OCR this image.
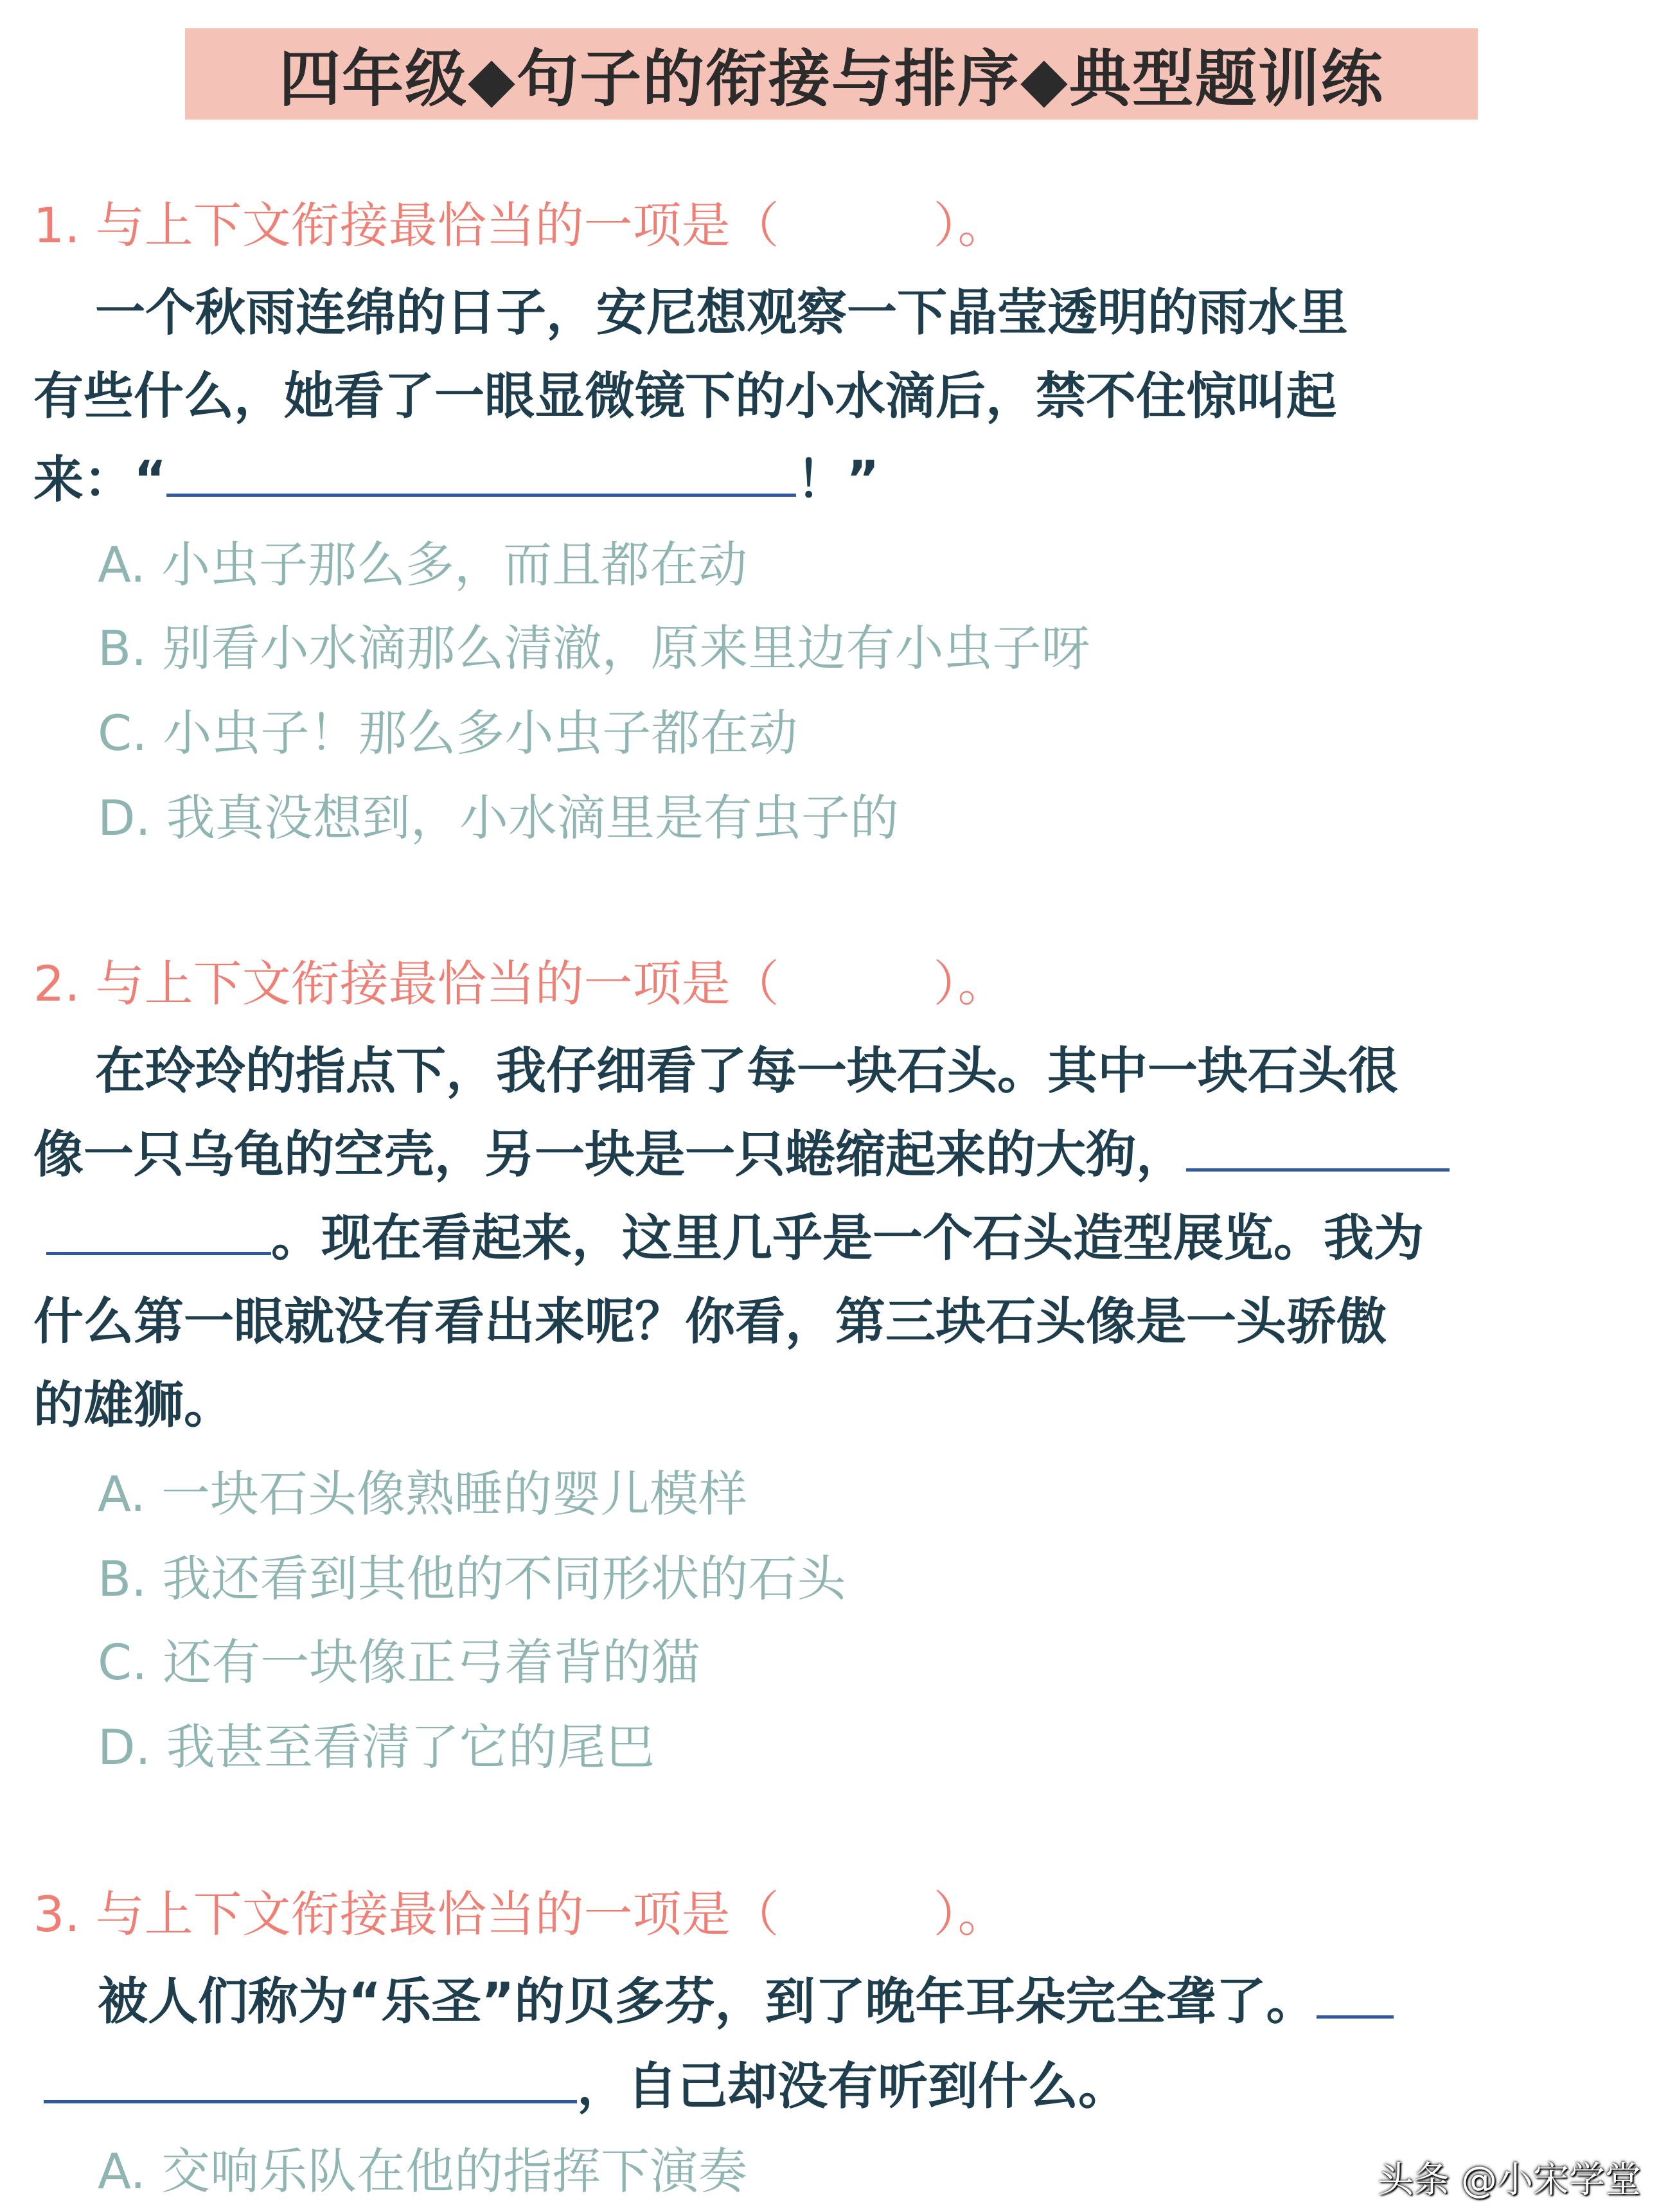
四年级◆句子的衔接与排序◆典型题训练
1. 与上下文衔接最恰当的一项是（	）。
一个秋雨连绵的日子，安尼想观察一下晶莹透明的雨水里
有些什么，她看了一眼显微镜下的小水滴后，禁不住惊叫起
来：“	！”
A. 小虫子那么多，而且都在动
B. 别看小水滴那么清澈，原来里边有小虫子呀
C. 小虫子！那么多小虫子都在动
D. 我真没想到，小水滴里是有虫子的
2. 与上下文衔接最恰当的一项是（	）。
在玲玲的指点下，我仔细看了每一块石头。其中一块石头很
像一只乌龟的空壳，另一块是一只蜷缩起来的大狗，
。现在看起来，这里几乎是一个石头造型展览。我为
什么第一眼就没有看出来呢？你看，第三块石头像是一头骄傲
的雄狮。
A. 一块石头像熟睡的婴儿模样
B. 我还看到其他的不同形状的石头
C. 还有一块像正弓着背的猫
D. 我甚至看清了它的尾巴
3. 与上下文衔接最恰当的一项是（	）。
被人们称为“乐圣”的贝多芬，到了晚年耳朵完全聋了。
，自己却没有听到什么。
A. 交响乐队在他的指挥下演奏	头条 @小宋学堂
